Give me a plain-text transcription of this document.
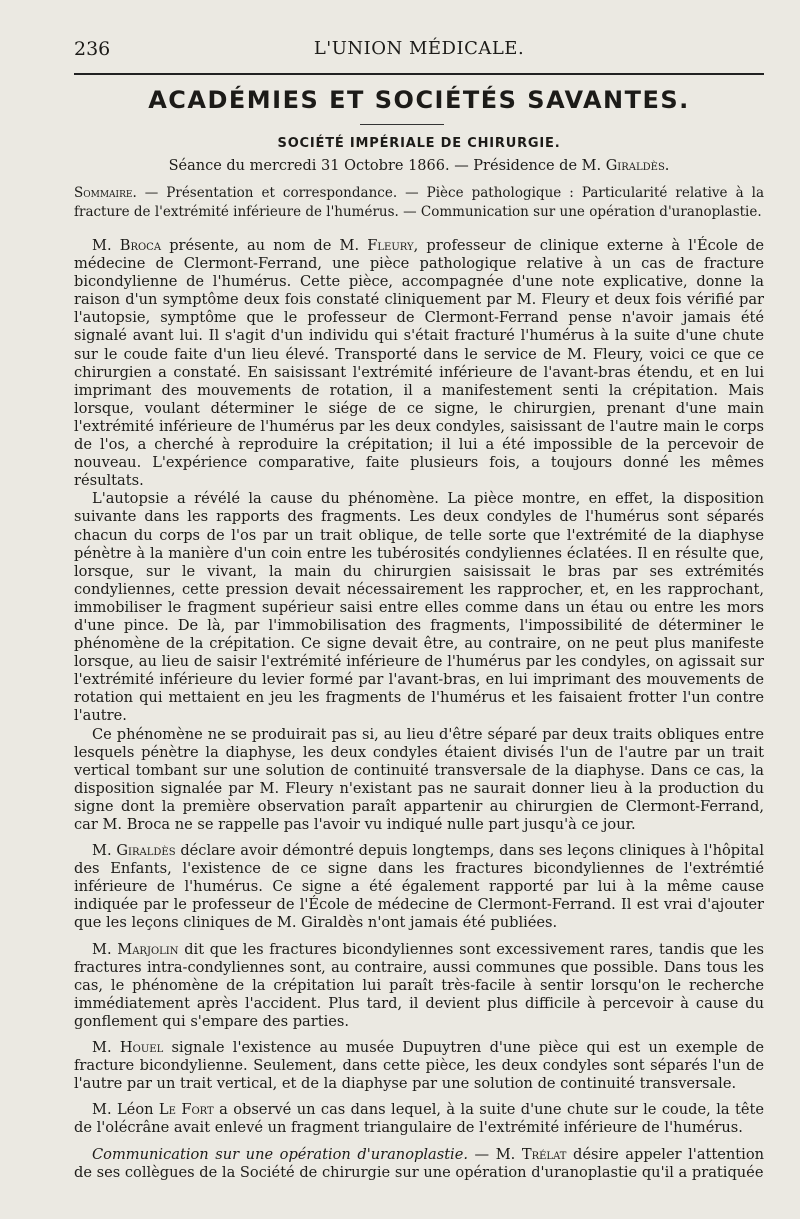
236	L'UNION MÉDICALE.
ACADÉMIES ET SOCIÉTÉS SAVANTES.
SOCIÉTÉ IMPÉRIALE DE CHIRURGIE.
Séance du mercredi 31 Octobre 1866. — Présidence de M. Giraldès.
Sommaire. — Présentation et correspondance. — Pièce pathologique : Particularité relative à la fracture de l'extrémité inférieure de l'humérus. — Communication sur une opération d'uranoplastie.

M. Broca présente, au nom de M. Fleury, professeur de clinique externe à l'École de médecine de Clermont-Ferrand, une pièce pathologique relative à un cas de fracture bicondylienne de l'humérus. Cette pièce, accompagnée d'une note explicative, donne la raison d'un symptôme deux fois constaté cliniquement par M. Fleury et deux fois vérifié par l'autopsie, symptôme que le professeur de Clermont-Ferrand pense n'avoir jamais été signalé avant lui. Il s'agit d'un individu qui s'était fracturé l'humérus à la suite d'une chute sur le coude faite d'un lieu élevé. Transporté dans le service de M. Fleury, voici ce que ce chirurgien a constaté. En saisissant l'extrémité inférieure de l'avant-bras étendu, et en lui imprimant des mouvements de rotation, il a manifestement senti la crépitation. Mais lorsque, voulant déterminer le siége de ce signe, le chirurgien, prenant d'une main l'extrémité inférieure de l'humérus par les deux condyles, saisissant de l'autre main le corps de l'os, a cherché à reproduire la crépitation; il lui a été impossible de la percevoir de nouveau. L'expérience comparative, faite plusieurs fois, a toujours donné les mêmes résultats.

L'autopsie a révélé la cause du phénomène. La pièce montre, en effet, la disposition suivante dans les rapports des fragments. Les deux condyles de l'humérus sont séparés chacun du corps de l'os par un trait oblique, de telle sorte que l'extrémité de la diaphyse pénètre à la manière d'un coin entre les tubérosités condyliennes éclatées. Il en résulte que, lorsque, sur le vivant, la main du chirurgien saisissait le bras par ses extrémités condyliennes, cette pression devait nécessairement les rapprocher, et, en les rapprochant, immobiliser le fragment supérieur saisi entre elles comme dans un étau ou entre les mors d'une pince. De là, par l'immobilisation des fragments, l'impossibilité de déterminer le phénomène de la crépitation. Ce signe devait être, au contraire, on ne peut plus manifeste lorsque, au lieu de saisir l'extrémité inférieure de l'humérus par les condyles, on agissait sur l'extrémité inférieure du levier formé par l'avant-bras, en lui imprimant des mouvements de rotation qui mettaient en jeu les fragments de l'humérus et les faisaient frotter l'un contre l'autre.

Ce phénomène ne se produirait pas si, au lieu d'être séparé par deux traits obliques entre lesquels pénètre la diaphyse, les deux condyles étaient divisés l'un de l'autre par un trait vertical tombant sur une solution de continuité transversale de la diaphyse. Dans ce cas, la disposition signalée par M. Fleury n'existant pas ne saurait donner lieu à la production du signe dont la première observation paraît appartenir au chirurgien de Clermont-Ferrand, car M. Broca ne se rappelle pas l'avoir vu indiqué nulle part jusqu'à ce jour.

M. Giraldès déclare avoir démontré depuis longtemps, dans ses leçons cliniques à l'hôpital des Enfants, l'existence de ce signe dans les fractures bicondyliennes de l'extrémtié inférieure de l'humérus. Ce signe a été également rapporté par lui à la même cause indiquée par le professeur de l'École de médecine de Clermont-Ferrand. Il est vrai d'ajouter que les leçons cliniques de M. Giraldès n'ont jamais été publiées.

M. Marjolin dit que les fractures bicondyliennes sont excessivement rares, tandis que les fractures intra-condyliennes sont, au contraire, aussi communes que possible. Dans tous les cas, le phénomène de la crépitation lui paraît très-facile à sentir lorsqu'on le recherche immédiatement après l'accident. Plus tard, il devient plus difficile à percevoir à cause du gonflement qui s'empare des parties.

M. Houel signale l'existence au musée Dupuytren d'une pièce qui est un exemple de fracture bicondylienne. Seulement, dans cette pièce, les deux condyles sont séparés l'un de l'autre par un trait vertical, et de la diaphyse par une solution de continuité transversale.

M. Léon Le Fort a observé un cas dans lequel, à la suite d'une chute sur le coude, la tête de l'olécrâne avait enlevé un fragment triangulaire de l'extrémité inférieure de l'humérus.

Communication sur une opération d'uranoplastie. — M. Trélat désire appeler l'attention de ses collègues de la Société de chirurgie sur une opération d'uranoplastie qu'il a pratiquée
